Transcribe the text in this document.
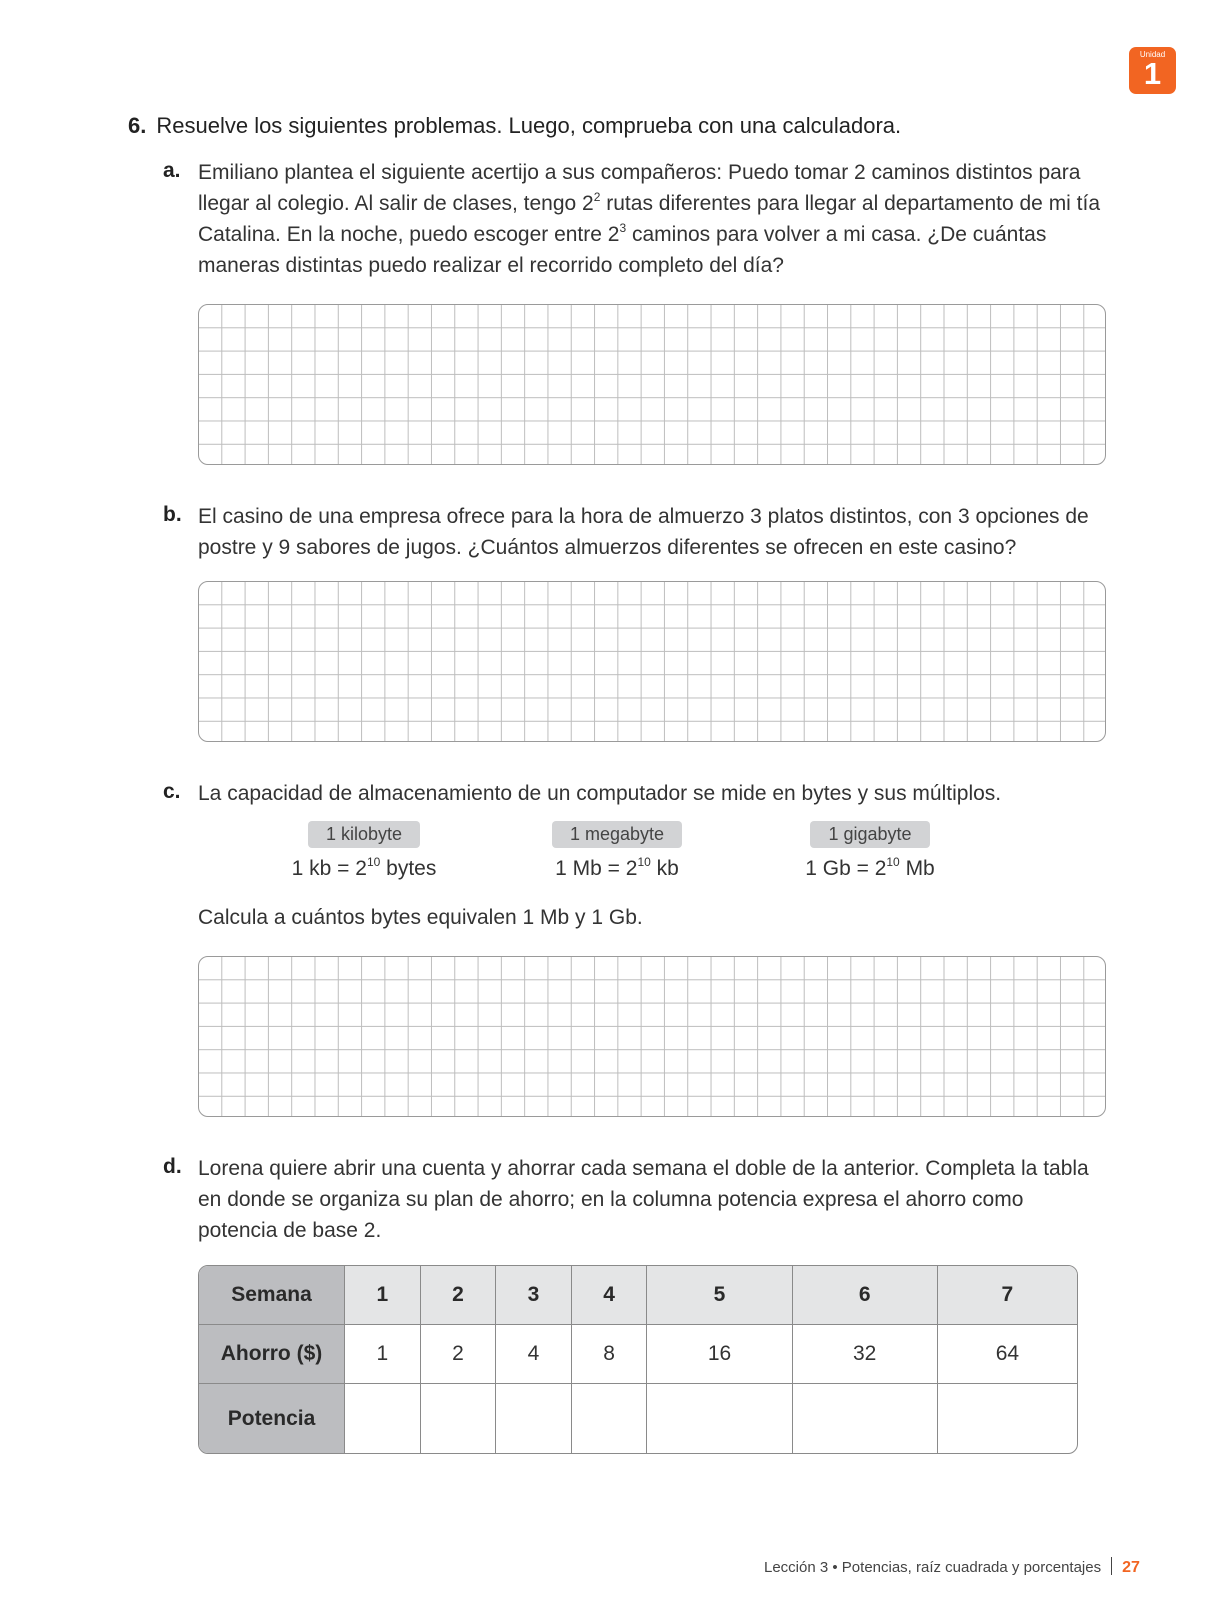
Unidad
1
6. Resuelve los siguientes problemas. Luego, comprueba con una calculadora.
a. Emiliano plantea el siguiente acertijo a sus compañeros: Puedo tomar 2 caminos distintos para llegar al colegio. Al salir de clases, tengo $2^2$ rutas diferentes para llegar al departamento de mi tía Catalina. En la noche, puedo escoger entre $2^3$ caminos para volver a mi casa. ¿De cuántas maneras distintas puedo realizar el recorrido completo del día?
b. El casino de una empresa ofrece para la hora de almuerzo 3 platos distintos, con 3 opciones de postre y 9 sabores de jugos. ¿Cuántos almuerzos diferentes se ofrecen en este casino?
c. La capacidad de almacenamiento de un computador se mide en bytes y sus múltiplos.
1 kilobyte
1 kb = $2^{10}$ bytes
1 megabyte
1 $Mb = 2^{10}$ kb
1 gigabyte
1 $Gb = 2^{10}$ Mb
Calcula a cuántos bytes equivalen 1 Mb y 1 Gb.
d. Lorena quiere abrir una cuenta y ahorrar cada semana el doble de la anterior. Completa la tabla en donde se organiza su plan de ahorro; en la columna potencia expresa el ahorro como potencia de base 2.
Semana	1	2	3	4	5	6	7
Ahorro ($)	1	2	4	8	16	32	64
Potencia							
Lección 3 • Potencias, raíz cuadrada y porcentajes 27
